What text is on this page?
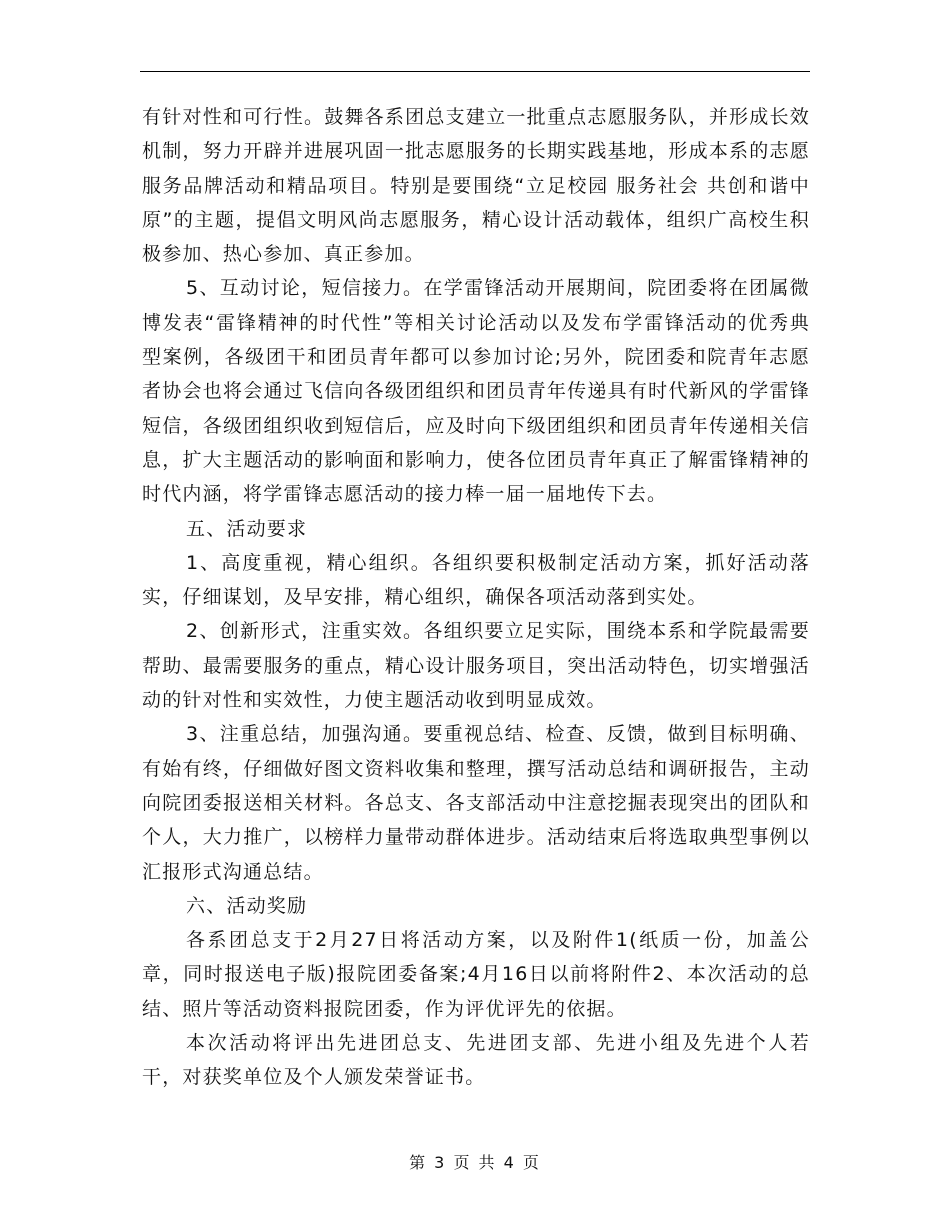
有针对性和可行性。鼓舞各系团总支建立一批重点志愿服务队，并形成长效机制，努力开辟并进展巩固一批志愿服务的长期实践基地，形成本系的志愿服务品牌活动和精品项目。特别是要围绕“立足校园 服务社会 共创和谐中原”的主题，提倡文明风尚志愿服务，精心设计活动载体，组织广高校生积极参加、热心参加、真正参加。

5、互动讨论，短信接力。在学雷锋活动开展期间，院团委将在团属微博发表“雷锋精神的时代性”等相关讨论活动以及发布学雷锋活动的优秀典型案例，各级团干和团员青年都可以参加讨论;另外，院团委和院青年志愿者协会也将会通过飞信向各级团组织和团员青年传递具有时代新风的学雷锋短信，各级团组织收到短信后，应及时向下级团组织和团员青年传递相关信息，扩大主题活动的影响面和影响力，使各位团员青年真正了解雷锋精神的时代内涵，将学雷锋志愿活动的接力棒一届一届地传下去。

五、活动要求

1、高度重视，精心组织。各组织要积极制定活动方案，抓好活动落实，仔细谋划，及早安排，精心组织，确保各项活动落到实处。

2、创新形式，注重实效。各组织要立足实际，围绕本系和学院最需要帮助、最需要服务的重点，精心设计服务项目，突出活动特色，切实增强活动的针对性和实效性，力使主题活动收到明显成效。

3、注重总结，加强沟通。要重视总结、检查、反馈，做到目标明确、有始有终，仔细做好图文资料收集和整理，撰写活动总结和调研报告，主动向院团委报送相关材料。各总支、各支部活动中注意挖掘表现突出的团队和个人，大力推广，以榜样力量带动群体进步。活动结束后将选取典型事例以汇报形式沟通总结。

六、活动奖励

各系团总支于2月27日将活动方案，以及附件1(纸质一份，加盖公章，同时报送电子版)报院团委备案;4月16日以前将附件2、本次活动的总结、照片等活动资料报院团委，作为评优评先的依据。

本次活动将评出先进团总支、先进团支部、先进小组及先进个人若干，对获奖单位及个人颁发荣誉证书。

第 3 页 共 4 页
